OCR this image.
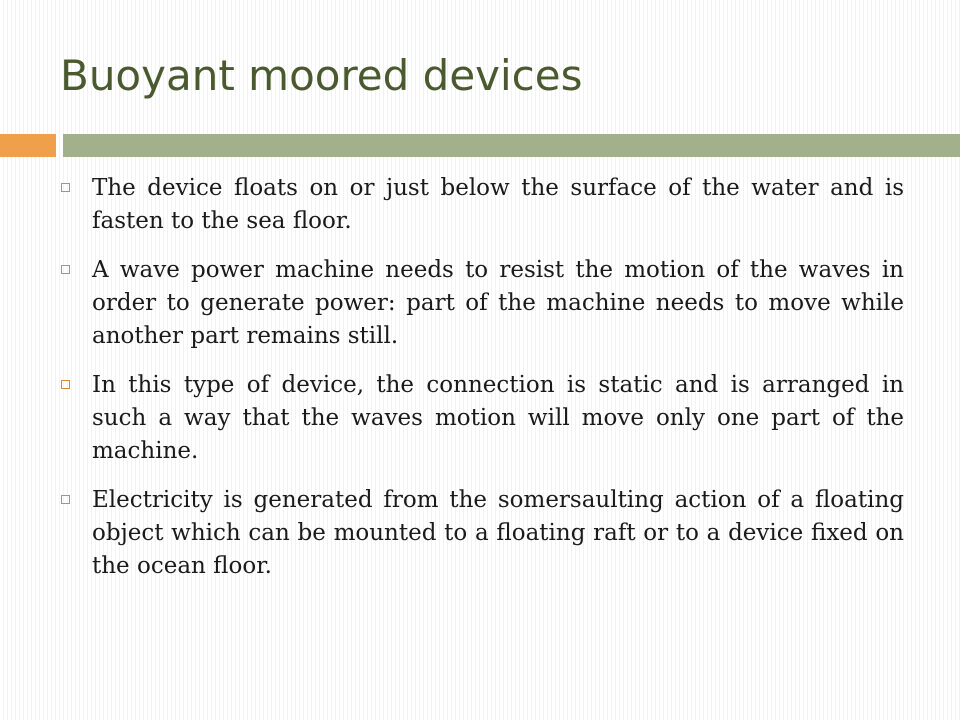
Buoyant moored devices
The device floats on or just below the surface of the water and is fasten to the sea floor.
A wave power machine needs to resist the motion of the waves in order to generate power: part of the machine needs to move while another part remains still.
In this type of device, the connection is static and is arranged in such a way that the waves motion will move only one part of the machine.
Electricity is generated from the somersaulting action of a floating object which can be mounted to a floating raft or to a device fixed on the ocean floor.
